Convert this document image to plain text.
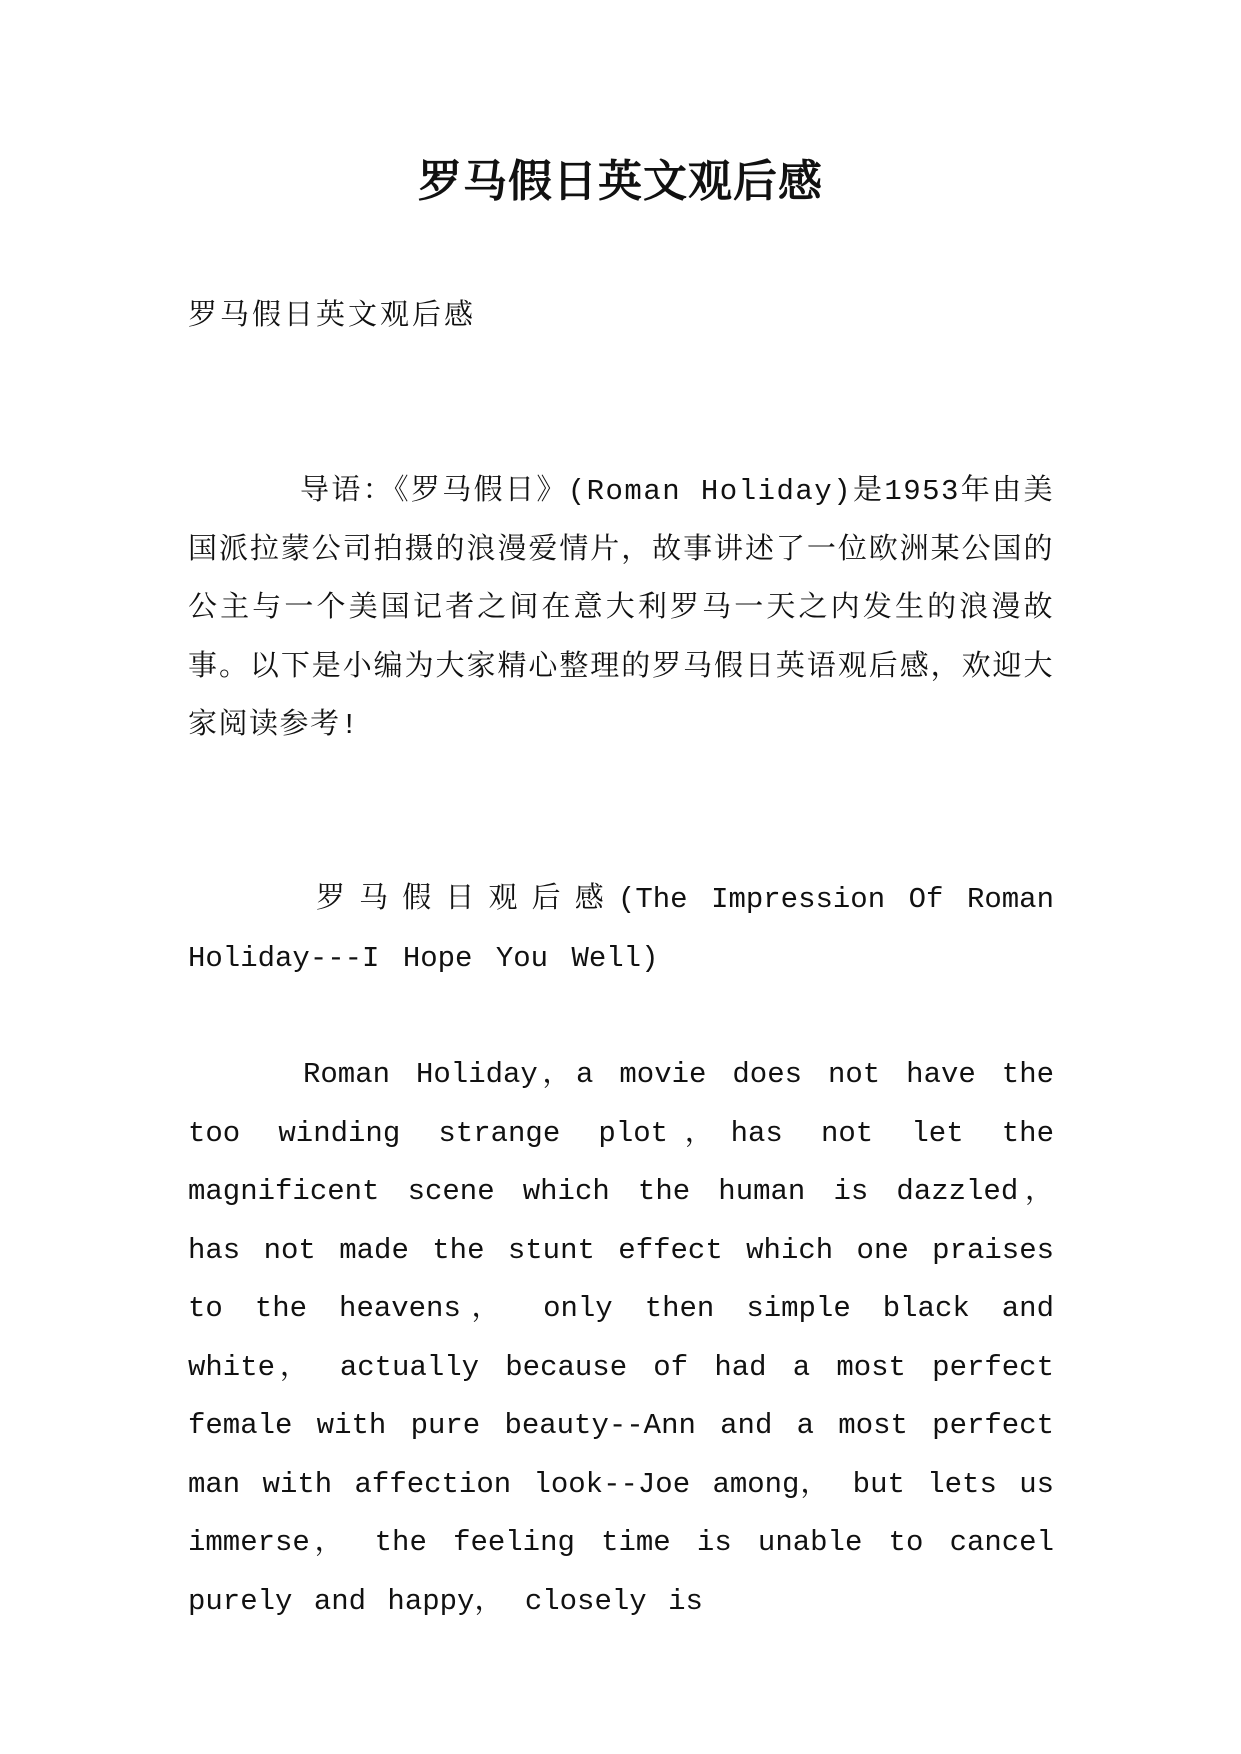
罗马假日英文观后感

罗马假日英文观后感

导语：《罗马假日》(Roman Holiday)是1953年由美国派拉蒙公司拍摄的浪漫爱情片，故事讲述了一位欧洲某公国的公主与一个美国记者之间在意大利罗马一天之内发生的浪漫故事。以下是小编为大家精心整理的罗马假日英语观后感，欢迎大家阅读参考!

罗马假日观后感(The Impression Of Roman Holiday---I Hope You Well)

Roman Holiday，a movie does not have the too winding strange plot，has not let the magnificent scene which the human is dazzled， has not made the stunt effect which one praises to the heavens， only then simple black and white， actually because of had a most perfect female with pure beauty--Ann and a most perfect man with affection look--Joe among， but lets us immerse， the feeling time is unable to cancel purely and happy， closely is
